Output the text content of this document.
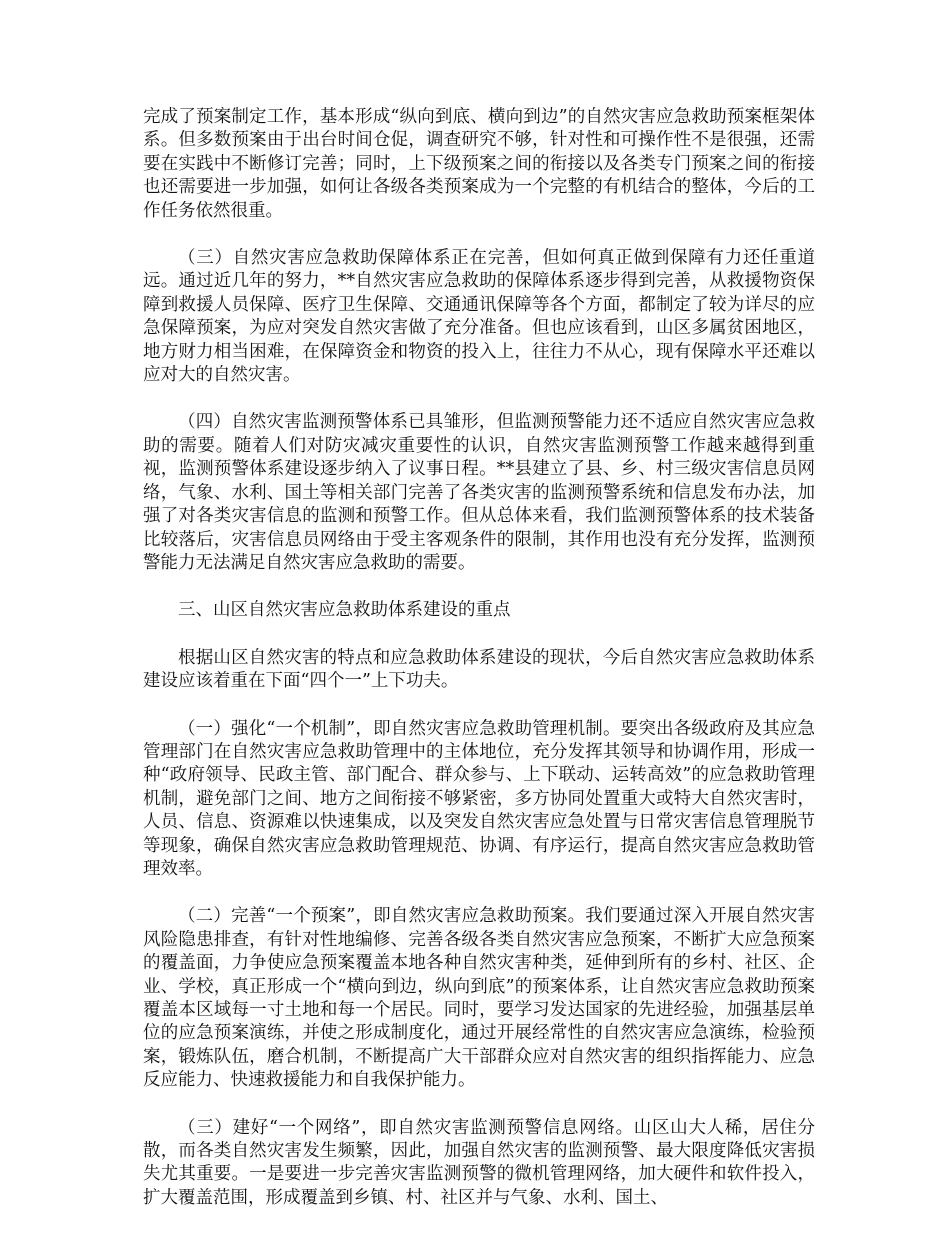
完成了预案制定工作，基本形成“纵向到底、横向到边”的自然灾害应急救助预案框架体系。但多数预案由于出台时间仓促，调查研究不够，针对性和可操作性不是很强，还需要在实践中不断修订完善；同时，上下级预案之间的衔接以及各类专门预案之间的衔接也还需要进一步加强，如何让各级各类预案成为一个完整的有机结合的整体，今后的工作任务依然很重。

（三）自然灾害应急救助保障体系正在完善，但如何真正做到保障有力还任重道远。通过近几年的努力，**自然灾害应急救助的保障体系逐步得到完善，从救援物资保障到救援人员保障、医疗卫生保障、交通通讯保障等各个方面，都制定了较为详尽的应急保障预案，为应对突发自然灾害做了充分准备。但也应该看到，山区多属贫困地区，地方财力相当困难，在保障资金和物资的投入上，往往力不从心，现有保障水平还难以应对大的自然灾害。

（四）自然灾害监测预警体系已具雏形，但监测预警能力还不适应自然灾害应急救助的需要。随着人们对防灾减灾重要性的认识，自然灾害监测预警工作越来越得到重视，监测预警体系建设逐步纳入了议事日程。**县建立了县、乡、村三级灾害信息员网络，气象、水利、国土等相关部门完善了各类灾害的监测预警系统和信息发布办法，加强了对各类灾害信息的监测和预警工作。但从总体来看，我们监测预警体系的技术装备比较落后，灾害信息员网络由于受主客观条件的限制，其作用也没有充分发挥，监测预警能力无法满足自然灾害应急救助的需要。

三、山区自然灾害应急救助体系建设的重点

根据山区自然灾害的特点和应急救助体系建设的现状，今后自然灾害应急救助体系建设应该着重在下面“四个一”上下功夫。

（一）强化“一个机制”，即自然灾害应急救助管理机制。要突出各级政府及其应急管理部门在自然灾害应急救助管理中的主体地位，充分发挥其领导和协调作用，形成一种“政府领导、民政主管、部门配合、群众参与、上下联动、运转高效”的应急救助管理机制，避免部门之间、地方之间衔接不够紧密，多方协同处置重大或特大自然灾害时，人员、信息、资源难以快速集成，以及突发自然灾害应急处置与日常灾害信息管理脱节等现象，确保自然灾害应急救助管理规范、协调、有序运行，提高自然灾害应急救助管理效率。

（二）完善“一个预案”，即自然灾害应急救助预案。我们要通过深入开展自然灾害风险隐患排查，有针对性地编修、完善各级各类自然灾害应急预案，不断扩大应急预案的覆盖面，力争使应急预案覆盖本地各种自然灾害种类，延伸到所有的乡村、社区、企业、学校，真正形成一个“横向到边，纵向到底”的预案体系，让自然灾害应急救助预案覆盖本区域每一寸土地和每一个居民。同时，要学习发达国家的先进经验，加强基层单位的应急预案演练，并使之形成制度化，通过开展经常性的自然灾害应急演练，检验预案，锻炼队伍，磨合机制，不断提高广大干部群众应对自然灾害的组织指挥能力、应急反应能力、快速救援能力和自我保护能力。

（三）建好“一个网络”，即自然灾害监测预警信息网络。山区山大人稀，居住分散，而各类自然灾害发生频繁，因此，加强自然灾害的监测预警、最大限度降低灾害损失尤其重要。一是要进一步完善灾害监测预警的微机管理网络，加大硬件和软件投入，扩大覆盖范围，形成覆盖到乡镇、村、社区并与气象、水利、国土、
